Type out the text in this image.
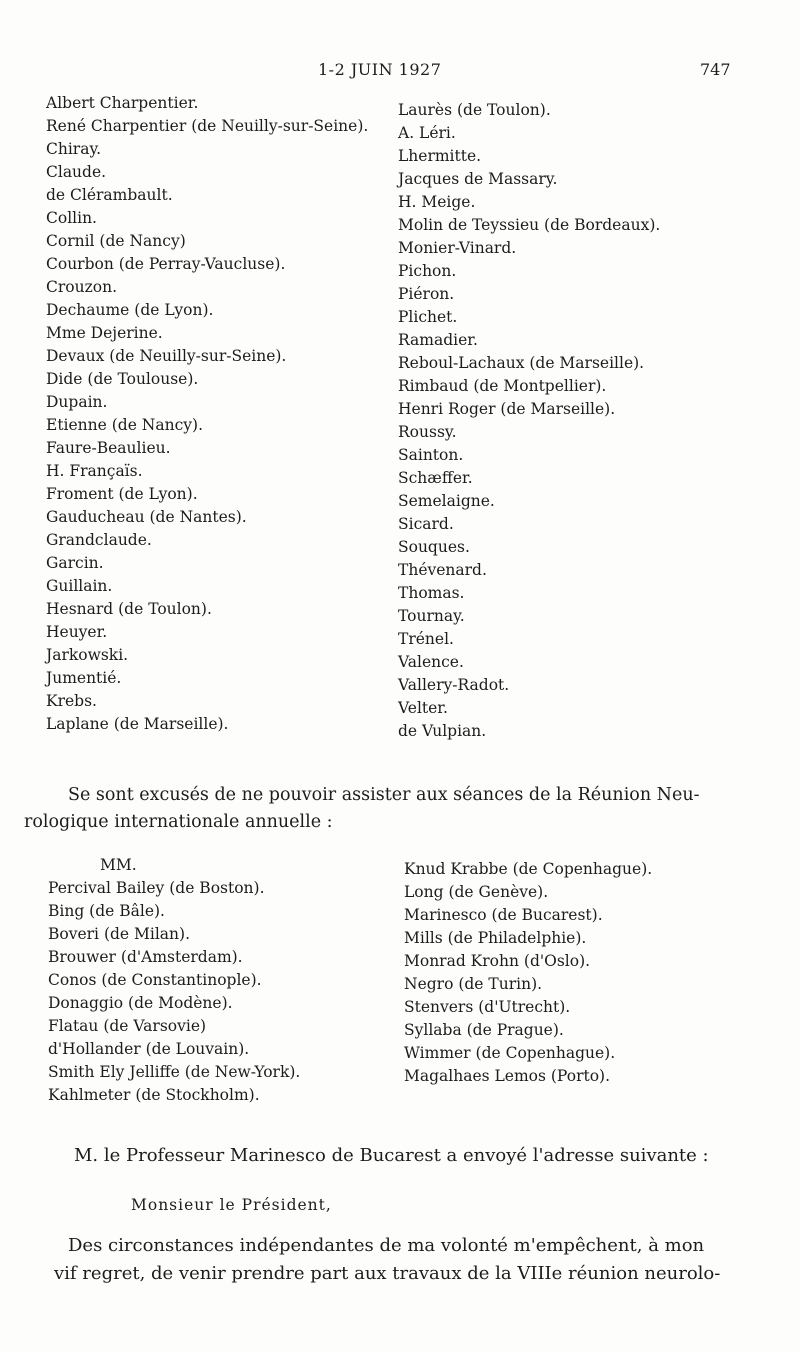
1-2 JUIN 1927	747
Albert Charpentier.
René Charpentier (de Neuilly-sur-Seine).
Chiray.
Claude.
de Clérambault.
Collin.
Cornil (de Nancy)
Courbon (de Perray-Vaucluse).
Crouzon.
Dechaume (de Lyon).
Mme Dejerine.
Devaux (de Neuilly-sur-Seine).
Dide (de Toulouse).
Dupain.
Etienne (de Nancy).
Faure-Beaulieu.
H. Françaïs.
Froment (de Lyon).
Gauducheau (de Nantes).
Grandclaude.
Garcin.
Guillain.
Hesnard (de Toulon).
Heuyer.
Jarkowski.
Jumentié.
Krebs.
Laplane (de Marseille).
Laurès (de Toulon).
A. Léri.
Lhermitte.
Jacques de Massary.
H. Meige.
Molin de Teyssieu (de Bordeaux).
Monier-Vinard.
Pichon.
Piéron.
Plichet.
Ramadier.
Reboul-Lachaux (de Marseille).
Rimbaud (de Montpellier).
Henri Roger (de Marseille).
Roussy.
Sainton.
Schæffer.
Semelaigne.
Sicard.
Souques.
Thévenard.
Thomas.
Tournay.
Trénel.
Valence.
Vallery-Radot.
Velter.
de Vulpian.
Se sont excusés de ne pouvoir assister aux séances de la Réunion Neu-
rologique internationale annuelle :
MM.
Percival Bailey (de Boston).
Bing (de Bâle).
Boveri (de Milan).
Brouwer (d'Amsterdam).
Conos (de Constantinople).
Donaggio (de Modène).
Flatau (de Varsovie)
d'Hollander (de Louvain).
Smith Ely Jelliffe (de New-York).
Kahlmeter (de Stockholm).
Knud Krabbe (de Copenhague).
Long (de Genève).
Marinesco (de Bucarest).
Mills (de Philadelphie).
Monrad Krohn (d'Oslo).
Negro (de Turin).
Stenvers (d'Utrecht).
Syllaba (de Prague).
Wimmer (de Copenhague).
Magalhaes Lemos (Porto).
M. le Professeur Marinesco de Bucarest a envoyé l'adresse suivante :
Monsieur le Président,
Des circonstances indépendantes de ma volonté m'empêchent, à mon
vif regret, de venir prendre part aux travaux de la VIIIe réunion neurolo-
